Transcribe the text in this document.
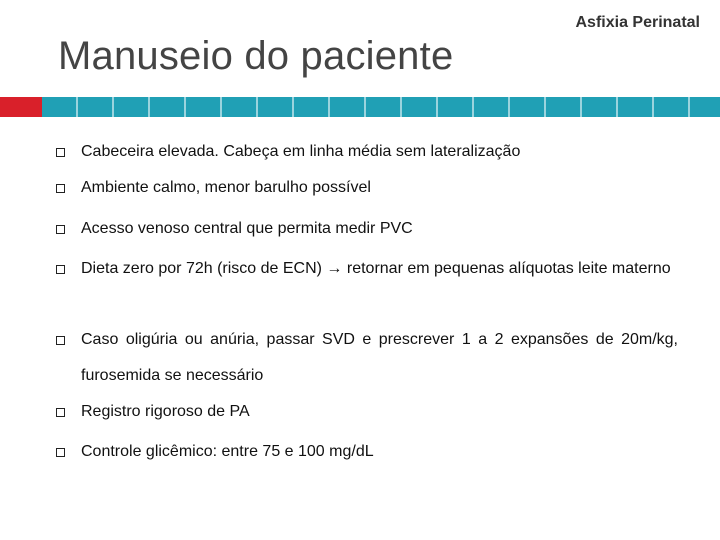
Asfixia Perinatal
Manuseio do paciente
Cabeceira elevada. Cabeça em linha média sem lateralização
Ambiente calmo, menor barulho possível
Acesso venoso central que permita medir PVC
Dieta zero por 72h (risco de ECN) → retornar em pequenas alíquotas leite materno
Caso oligúria ou anúria, passar SVD e prescrever 1 a 2 expansões de 20m/kg, furosemida se necessário
Registro rigoroso de PA
Controle glicêmico: entre 75 e 100 mg/dL
